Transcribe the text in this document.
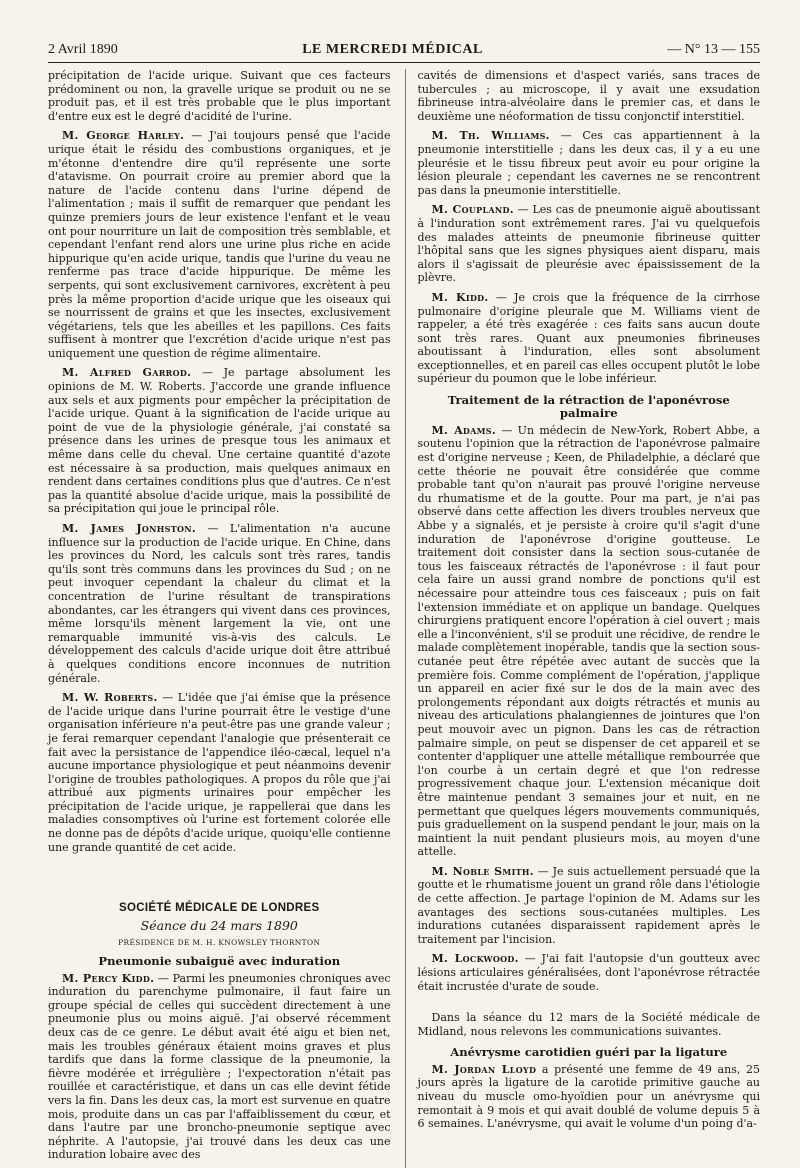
2 Avril 1890	LE MERCREDI MÉDICAL	— N° 13 — 155

précipitation de l'acide urique. Suivant que ces facteurs prédominent ou non, la gravelle urique se produit ou ne se produit pas, et il est très probable que le plus important d'entre eux est le degré d'acidité de l'urine.

M. George Harley. — J'ai toujours pensé que l'acide urique était le résidu des combustions organiques, et je m'étonne d'entendre dire qu'il représente une sorte d'atavisme. On pourrait croire au premier abord que la nature de l'acide contenu dans l'urine dépend de l'alimentation ; mais il suffit de remarquer que pendant les quinze premiers jours de leur existence l'enfant et le veau ont pour nourriture un lait de composition très semblable, et cependant l'enfant rend alors une urine plus riche en acide hippurique qu'en acide urique, tandis que l'urine du veau ne renferme pas trace d'acide hippurique. De même les serpents, qui sont exclusivement carnivores, excrètent à peu près la même proportion d'acide urique que les oiseaux qui se nourrissent de grains et que les insectes, exclusivement végétariens, tels que les abeilles et les papillons. Ces faits suffisent à montrer que l'excrétion d'acide urique n'est pas uniquement une question de régime alimentaire.

M. Alfred Garrod. — Je partage absolument les opinions de M. W. Roberts. J'accorde une grande influence aux sels et aux pigments pour empêcher la précipitation de l'acide urique. Quant à la signification de l'acide urique au point de vue de la physiologie générale, j'ai constaté sa présence dans les urines de presque tous les animaux et même dans celle du cheval. Une certaine quantité d'azote est nécessaire à sa production, mais quelques animaux en rendent dans certaines conditions plus que d'autres. Ce n'est pas la quantité absolue d'acide urique, mais la possibilité de sa précipitation qui joue le principal rôle.

M. James Jonhston. — L'alimentation n'a aucune influence sur la production de l'acide urique. En Chine, dans les provinces du Nord, les calculs sont très rares, tandis qu'ils sont très communs dans les provinces du Sud ; on ne peut invoquer cependant la chaleur du climat et la concentration de l'urine résultant de transpirations abondantes, car les étrangers qui vivent dans ces provinces, même lorsqu'ils mènent largement la vie, ont une remarquable immunité vis-à-vis des calculs. Le développement des calculs d'acide urique doit être attribué à quelques conditions encore inconnues de nutrition générale.

M. W. Roberts. — L'idée que j'ai émise que la présence de l'acide urique dans l'urine pourrait être le vestige d'une organisation inférieure n'a peut-être pas une grande valeur ; je ferai remarquer cependant l'analogie que présenterait ce fait avec la persistance de l'appendice iléo-cæcal, lequel n'a aucune importance physiologique et peut néanmoins devenir l'origine de troubles pathologiques. A propos du rôle que j'ai attribué aux pigments urinaires pour empêcher les précipitation de l'acide urique, je rappellerai que dans les maladies consomptives où l'urine est fortement colorée elle ne donne pas de dépôts d'acide urique, quoiqu'elle contienne une grande quantité de cet acide.

SOCIÉTÉ MÉDICALE DE LONDRES
Séance du 24 mars 1890
PRÉSIDENCE DE M. H. KNOWSLEY THORNTON
Pneumonie subaiguë avec induration

M. Percy Kidd. — Parmi les pneumonies chroniques avec induration du parenchyme pulmonaire, il faut faire un groupe spécial de celles qui succèdent directement à une pneumonie plus ou moins aiguë. J'ai observé récemment deux cas de ce genre. Le début avait été aigu et bien net, mais les troubles généraux étaient moins graves et plus tardifs que dans la forme classique de la pneumonie, la fièvre modérée et irrégulière ; l'expectoration n'était pas rouillée et caractéristique, et dans un cas elle devint fétide vers la fin. Dans les deux cas, la mort est survenue en quatre mois, produite dans un cas par l'affaiblissement du cœur, et dans l'autre par une broncho-pneumonie septique avec néphrite. A l'autopsie, j'ai trouvé dans les deux cas une induration lobaire avec des

cavités de dimensions et d'aspect variés, sans traces de tubercules ; au microscope, il y avait une exsudation fibrineuse intra-alvéolaire dans le premier cas, et dans le deuxième une néoformation de tissu conjonctif interstitiel.

M. Th. Williams. — Ces cas appartiennent à la pneumonie interstitielle ; dans les deux cas, il y a eu une pleurésie et le tissu fibreux peut avoir eu pour origine la lésion pleurale ; cependant les cavernes ne se rencontrent pas dans la pneumonie interstitielle.

M. Coupland. — Les cas de pneumonie aiguë aboutissant à l'induration sont extrêmement rares. J'ai vu quelquefois des malades atteints de pneumonie fibrineuse quitter l'hôpital sans que les signes physiques aient disparu, mais alors il s'agissait de pleurésie avec épaississement de la plèvre.

M. Kidd. — Je crois que la fréquence de la cirrhose pulmonaire d'origine pleurale que M. Williams vient de rappeler, a été très exagérée : ces faits sans aucun doute sont très rares. Quant aux pneumonies fibrineuses aboutissant à l'induration, elles sont absolument exceptionnelles, et en pareil cas elles occupent plutôt le lobe supérieur du poumon que le lobe inférieur.

Traitement de la rétraction de l'aponévrose palmaire

M. Adams. — Un médecin de New-York, Robert Abbe, a soutenu l'opinion que la rétraction de l'aponévrose palmaire est d'origine nerveuse ; Keen, de Philadelphie, a déclaré que cette théorie ne pouvait être considérée que comme probable tant qu'on n'aurait pas prouvé l'origine nerveuse du rhumatisme et de la goutte. Pour ma part, je n'ai pas observé dans cette affection les divers troubles nerveux que Abbe y a signalés, et je persiste à croire qu'il s'agit d'une induration de l'aponévrose d'origine goutteuse. Le traitement doit consister dans la section sous-cutanée de tous les faisceaux rétractés de l'aponévrose : il faut pour cela faire un aussi grand nombre de ponctions qu'il est nécessaire pour atteindre tous ces faisceaux ; puis on fait l'extension immédiate et on applique un bandage. Quelques chirurgiens pratiquent encore l'opération à ciel ouvert ; mais elle a l'inconvénient, s'il se produit une récidive, de rendre le malade complètement inopérable, tandis que la section sous-cutanée peut être répétée avec autant de succès que la première fois. Comme complément de l'opération, j'applique un appareil en acier fixé sur le dos de la main avec des prolongements répondant aux doigts rétractés et munis au niveau des articulations phalangiennes de jointures que l'on peut mouvoir avec un pignon. Dans les cas de rétraction palmaire simple, on peut se dispenser de cet appareil et se contenter d'appliquer une attelle métallique rembourrée que l'on courbe à un certain degré et que l'on redresse progressivement chaque jour. L'extension mécanique doit être maintenue pendant 3 semaines jour et nuit, en ne permettant que quelques légers mouvements communiqués, puis graduellement on la suspend pendant le jour, mais on la maintient la nuit pendant plusieurs mois, au moyen d'une attelle.

M. Noble Smith. — Je suis actuellement persuadé que la goutte et le rhumatisme jouent un grand rôle dans l'étiologie de cette affection. Je partage l'opinion de M. Adams sur les avantages des sections sous-cutanées multiples. Les indurations cutanées disparaissent rapidement après le traitement par l'incision.

M. Lockwood. — J'ai fait l'autopsie d'un goutteux avec lésions articulaires généralisées, dont l'aponévrose rétractée était incrustée d'urate de soude.

Dans la séance du 12 mars de la Société médicale de Midland, nous relevons les communications suivantes.

Anévrysme carotidien guéri par la ligature

M. Jordan Lloyd a présenté une femme de 49 ans, 25 jours après la ligature de la carotide primitive gauche au niveau du muscle omo-hyoïdien pour un anévrysme qui remontait à 9 mois et qui avait doublé de volume depuis 5 à 6 semaines. L'anévrysme, qui avait le volume d'un poing d'a-
